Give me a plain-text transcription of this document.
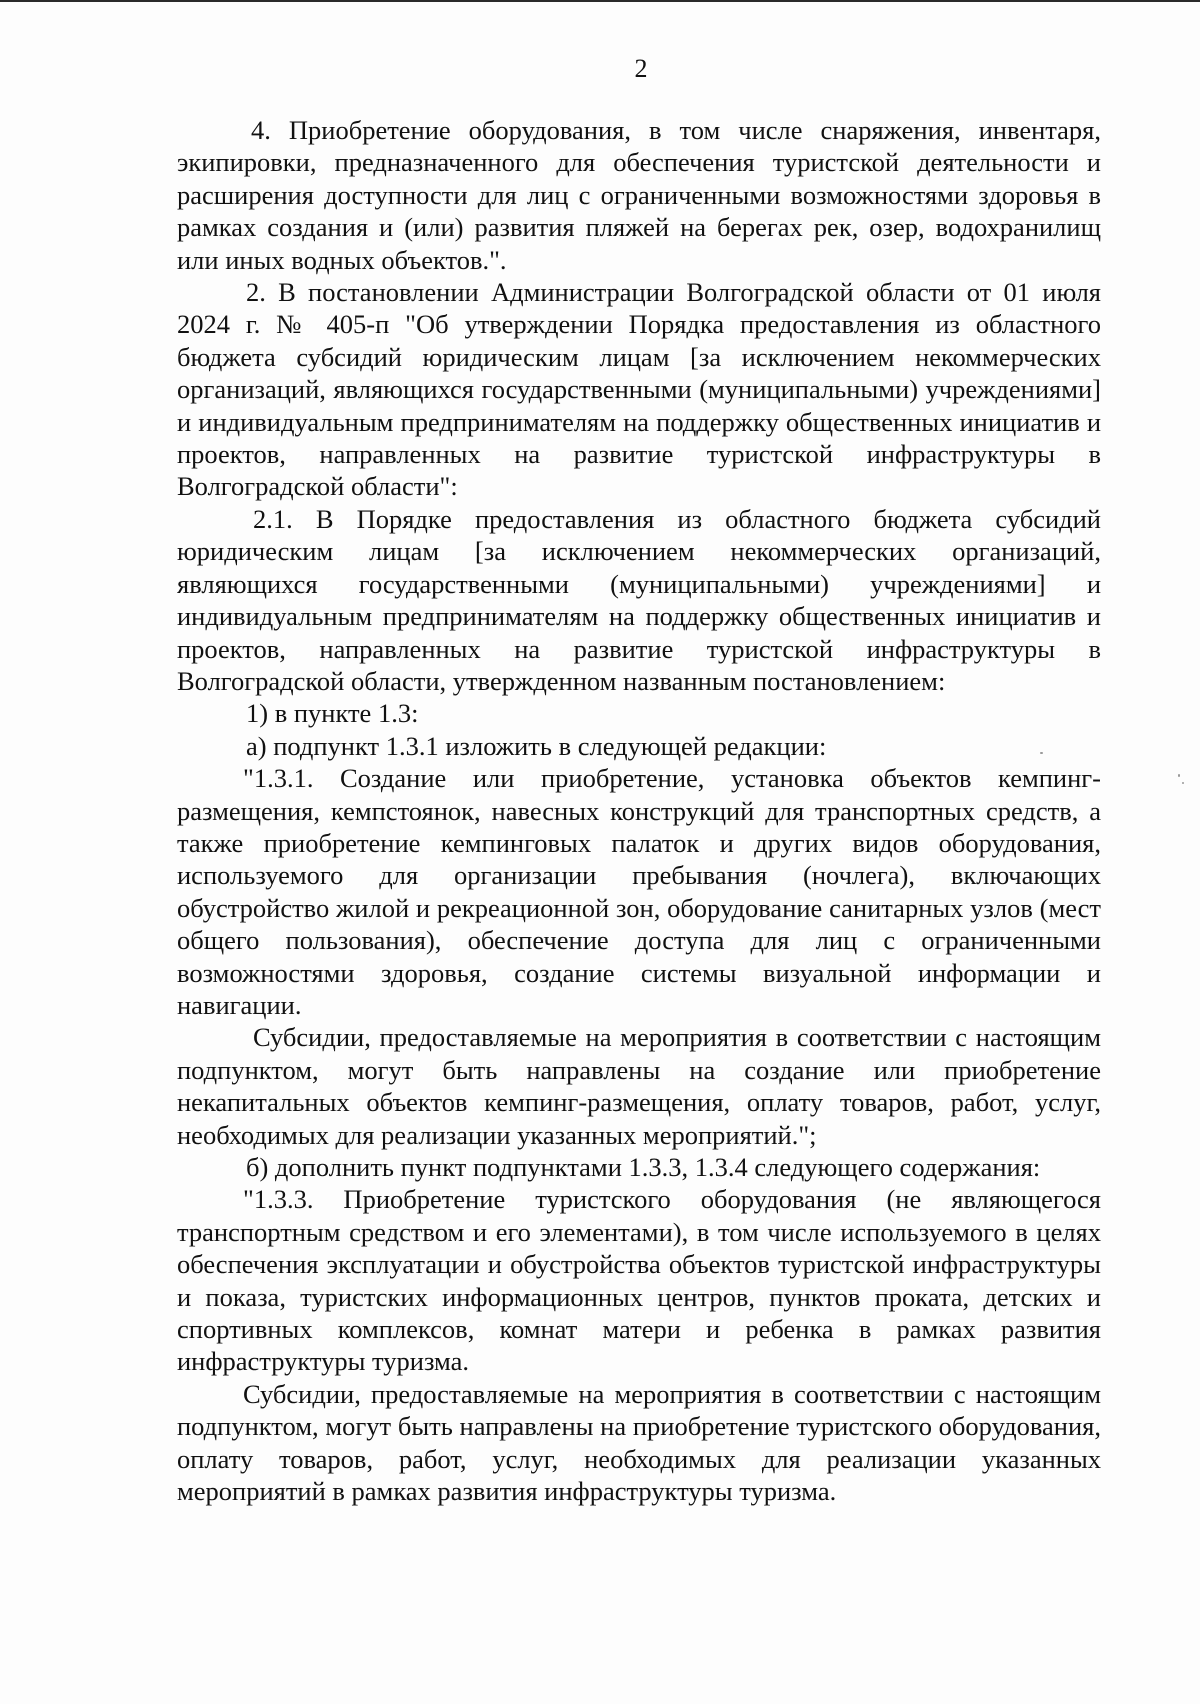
2

4. Приобретение оборудования, в том числе снаряжения, инвентаря, экипировки, предназначенного для обеспечения туристской деятельности и расширения доступности для лиц с ограниченными возможностями здоровья в рамках создания и (или) развития пляжей на берегах рек, озер, водохранилищ или иных водных объектов.".

2. В постановлении Администрации Волгоградской области от 01 июля 2024 г. № 405-п "Об утверждении Порядка предоставления из областного бюджета субсидий юридическим лицам [за исключением некоммерческих организаций, являющихся государственными (муниципальными) учреждениями] и индивидуальным предпринимателям на поддержку общественных инициатив и проектов, направленных на развитие туристской инфраструктуры в Волгоградской области":

2.1. В Порядке предоставления из областного бюджета субсидий юридическим лицам [за исключением некоммерческих организаций, являющихся государственными (муниципальными) учреждениями] и индивидуальным предпринимателям на поддержку общественных инициатив и проектов, направленных на развитие туристской инфраструктуры в Волгоградской области, утвержденном названным постановлением:

1) в пункте 1.3:

а) подпункт 1.3.1 изложить в следующей редакции:

"1.3.1. Создание или приобретение, установка объектов кемпинг-размещения, кемпстоянок, навесных конструкций для транспортных средств, а также приобретение кемпинговых палаток и других видов оборудования, используемого для организации пребывания (ночлега), включающих обустройство жилой и рекреационной зон, оборудование санитарных узлов (мест общего пользования), обеспечение доступа для лиц с ограниченными возможностями здоровья, создание системы визуальной информации и навигации.

Субсидии, предоставляемые на мероприятия в соответствии с настоящим подпунктом, могут быть направлены на создание или приобретение некапитальных объектов кемпинг-размещения, оплату товаров, работ, услуг, необходимых для реализации указанных мероприятий.";

б) дополнить пункт подпунктами 1.3.3, 1.3.4 следующего содержания:

"1.3.3. Приобретение туристского оборудования (не являющегося транспортным средством и его элементами), в том числе используемого в целях обеспечения эксплуатации и обустройства объектов туристской инфраструктуры и показа, туристских информационных центров, пунктов проката, детских и спортивных комплексов, комнат матери и ребенка в рамках развития инфраструктуры туризма.

Субсидии, предоставляемые на мероприятия в соответствии с настоящим подпунктом, могут быть направлены на приобретение туристского оборудования, оплату товаров, работ, услуг, необходимых для реализации указанных мероприятий в рамках развития инфраструктуры туризма.
